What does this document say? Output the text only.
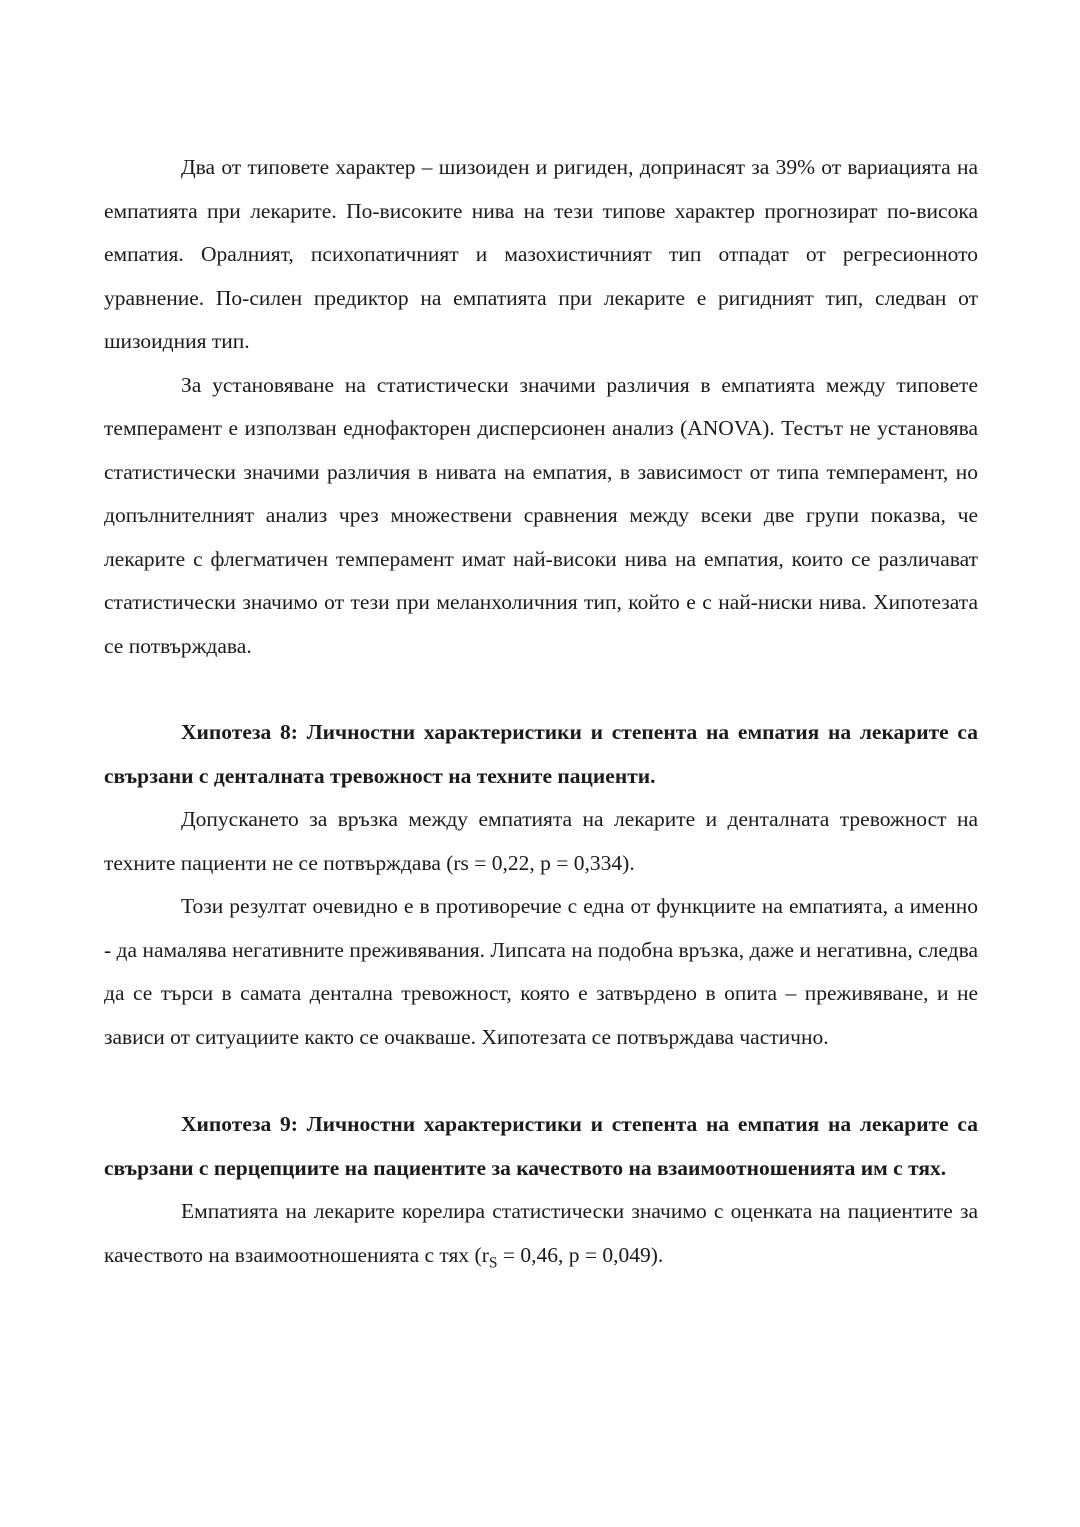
Два от типовете характер – шизоиден и ригиден, допринасят за 39% от вариацията на емпатията при лекарите. По-високите нива на тези типове характер прогнозират по-висока емпатия. Оралният, психопатичният и мазохистичният тип отпадат от регресионното уравнение. По-силен предиктор на емпатията при лекарите е ригидният тип, следван от шизоидния тип.

За установяване на статистически значими различия в емпатията между типовете темперамент е използван еднофакторен дисперсионен анализ (ANOVA). Тестът не установява статистически значими различия в нивата на емпатия, в зависимост от типа темперамент, но допълнителният анализ чрез множествени сравнения между всеки две групи показва, че лекарите с флегматичен темперамент имат най-високи нива на емпатия, които се различават статистически значимо от тези при меланхоличния тип, който е с най-ниски нива. Хипотезата се потвърждава.

Хипотеза 8: Личностни характеристики и степента на емпатия на лекарите са свързани с денталната тревожност на техните пациенти.

Допускането за връзка между емпатията на лекарите и денталната тревожност на техните пациенти не се потвърждава (rs = 0,22, p = 0,334).

Този резултат очевидно е в противоречие с една от функциите на емпатията, а именно - да намалява негативните преживявания. Липсата на подобна връзка, даже и негативна, следва да се търси в самата дентална тревожност, която е затвърдено в опита – преживяване, и не зависи от ситуациите както се очакваше. Хипотезата се потвърждава частично.

Хипотеза 9: Личностни характеристики и степента на емпатия на лекарите са свързани с перцепциите на пациентите за качеството на взаимоотношенията им с тях.

Емпатията на лекарите корелира статистически значимо с оценката на пациентите за качеството на взаимоотношенията с тях ($r_S = 0,46$, p = 0,049).
